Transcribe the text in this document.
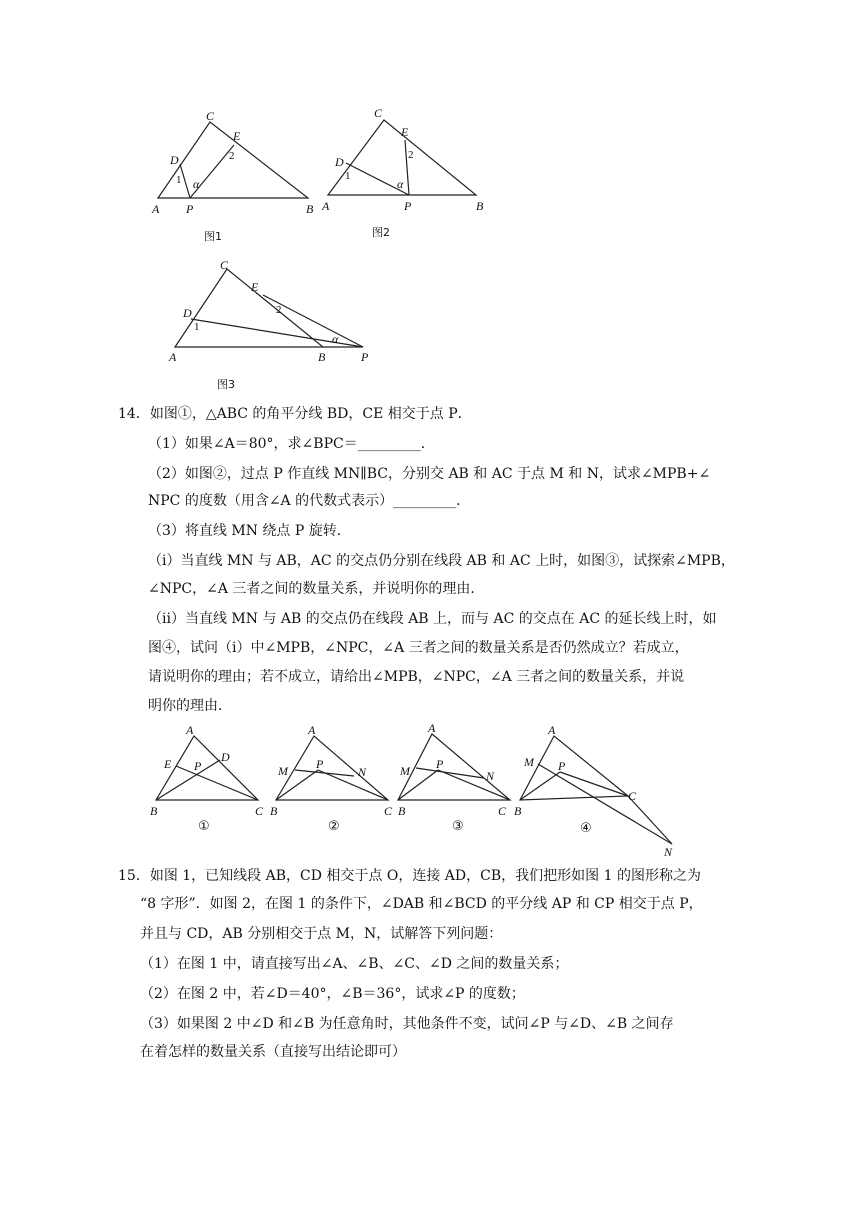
C
E
D
1 α
2
A P	B
图1
C
E
D
1
α
2
A	P	B
图2
C
E
D
1
2
α
A	B	P
图3
14．如图①，△ABC 的角平分线 BD，CE 相交于点 P．
（1）如果∠A＝80°，求∠BPC＝_________．
（2）如图②，过点 P 作直线 MN∥BC，分别交 AB 和 AC 于点 M 和 N，试求∠MPB+∠
NPC 的度数（用含∠A 的代数式表示）_________．
（3）将直线 MN 绕点 P 旋转．
（i）当直线 MN 与 AB，AC 的交点仍分别在线段 AB 和 AC 上时，如图③，试探索∠MPB，
∠NPC，∠A 三者之间的数量关系，并说明你的理由．
（ii）当直线 MN 与 AB 的交点仍在线段 AB 上，而与 AC 的交点在 AC 的延长线上时，如
图④，试问（i）中∠MPB，∠NPC，∠A 三者之间的数量关系是否仍然成立？若成立，
请说明你的理由；若不成立，请给出∠MPB，∠NPC，∠A 三者之间的数量关系，并说
明你的理由．
A
E	D
P
B	C
①
A
M P
N
B	C
②
A
M P
N
B	C
③
A
M P
C
N
B
④
15．如图 1，已知线段 AB，CD 相交于点 O，连接 AD，CB，我们把形如图 1 的图形称之为
“8 字形”．如图 2，在图 1 的条件下，∠DAB 和∠BCD 的平分线 AP 和 CP 相交于点 P，
并且与 CD，AB 分别相交于点 M，N，试解答下列问题：
（1）在图 1 中，请直接写出∠A、∠B、∠C、∠D 之间的数量关系；
（2）在图 2 中，若∠D＝40°，∠B＝36°，试求∠P 的度数；
（3）如果图 2 中∠D 和∠B 为任意角时，其他条件不变，试问∠P 与∠D、∠B 之间存
在着怎样的数量关系（直接写出结论即可）
